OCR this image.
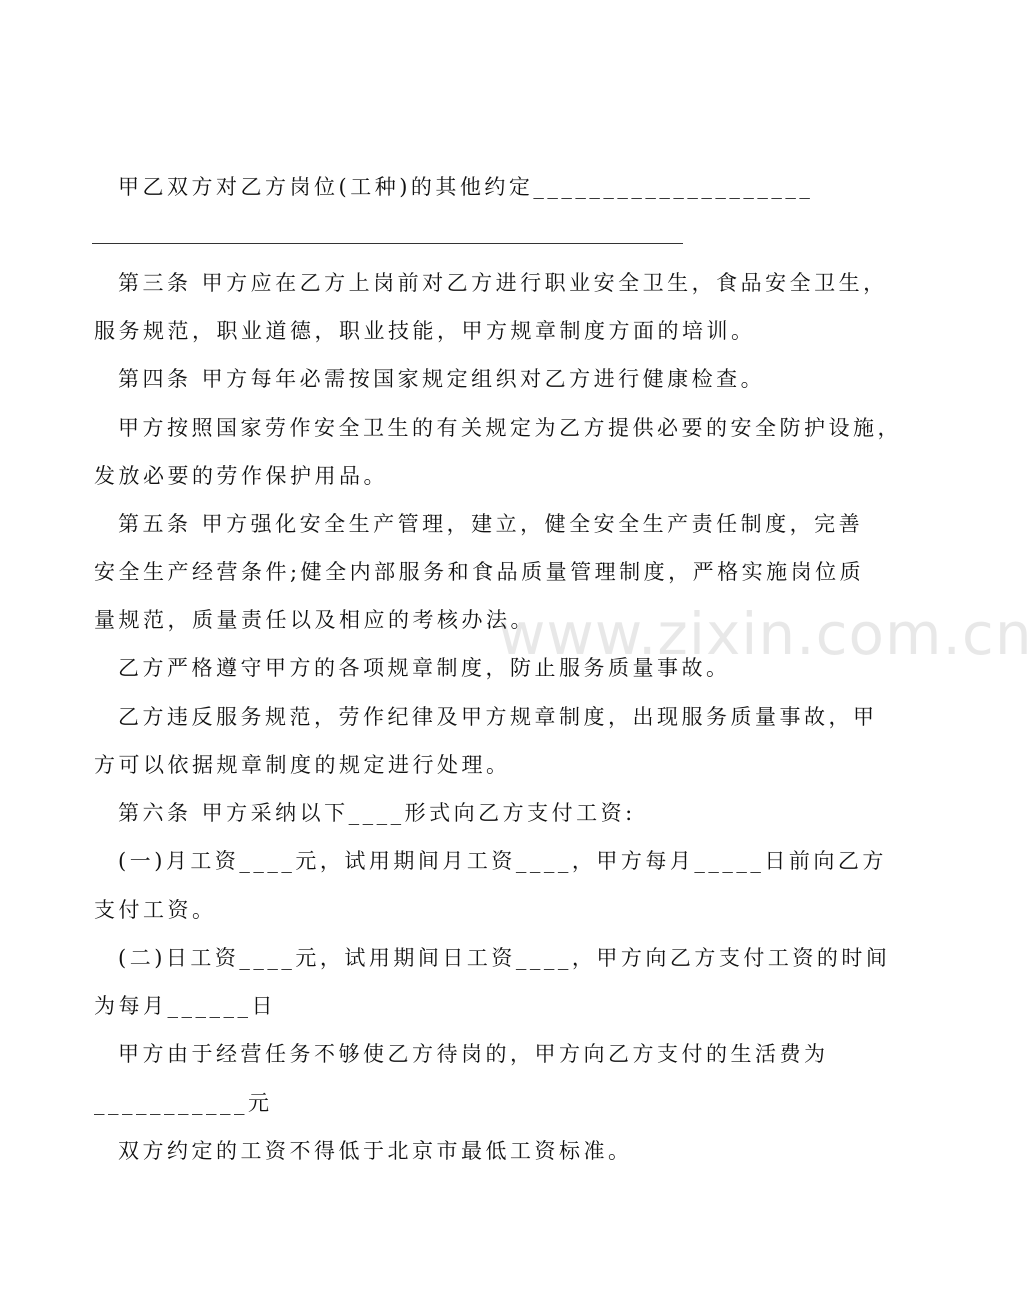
www.zixin.com.cn
甲乙双方对乙方岗位(工种)的其他约定____________________
第三条 甲方应在乙方上岗前对乙方进行职业安全卫生，食品安全卫生，
服务规范，职业道德，职业技能，甲方规章制度方面的培训。
第四条 甲方每年必需按国家规定组织对乙方进行健康检查。
甲方按照国家劳作安全卫生的有关规定为乙方提供必要的安全防护设施，
发放必要的劳作保护用品。
第五条 甲方强化安全生产管理，建立，健全安全生产责任制度，完善
安全生产经营条件;健全内部服务和食品质量管理制度，严格实施岗位质
量规范，质量责任以及相应的考核办法。
乙方严格遵守甲方的各项规章制度，防止服务质量事故。
乙方违反服务规范，劳作纪律及甲方规章制度，出现服务质量事故，甲
方可以依据规章制度的规定进行处理。
第六条 甲方采纳以下____形式向乙方支付工资:
(一)月工资____元，试用期间月工资____，甲方每月_____日前向乙方
支付工资。
(二)日工资____元，试用期间日工资____，甲方向乙方支付工资的时间
为每月______日
甲方由于经营任务不够使乙方待岗的，甲方向乙方支付的生活费为
___________元
双方约定的工资不得低于北京市最低工资标准。
